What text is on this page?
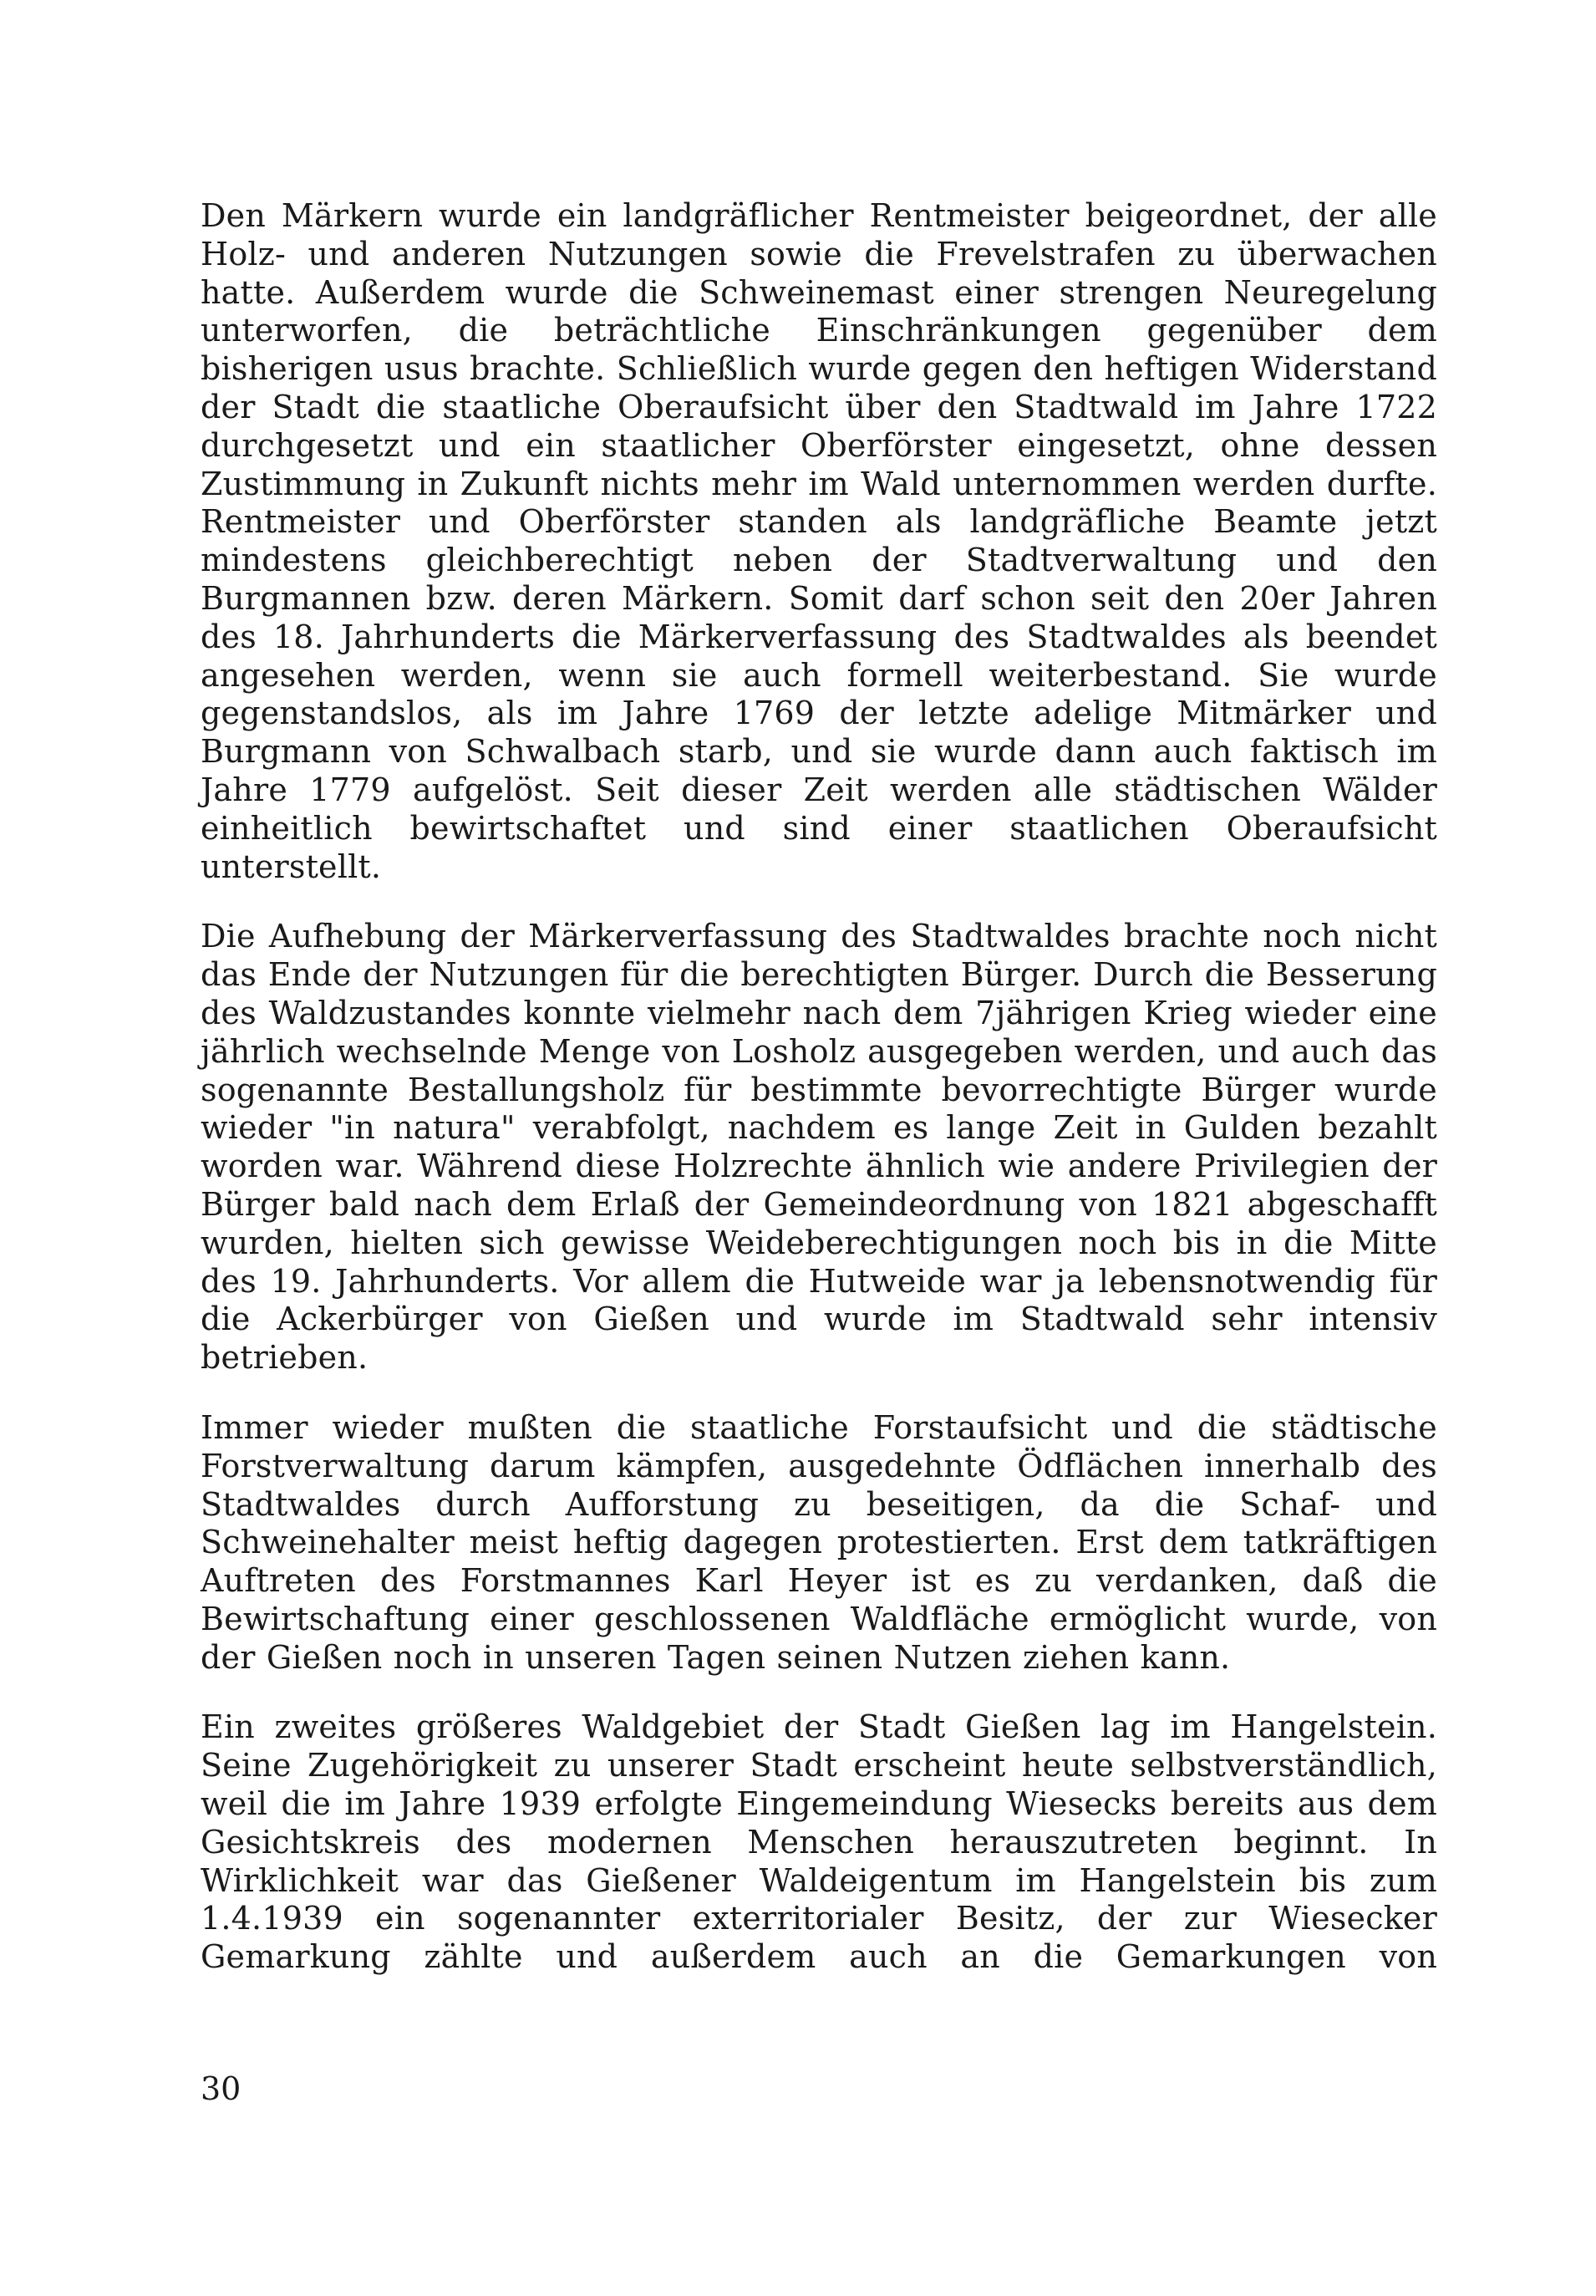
Den Märkern wurde ein landgräflicher Rentmeister beigeordnet, der alle Holz- und anderen Nutzungen sowie die Frevelstrafen zu überwachen hatte. Außerdem wurde die Schweinemast einer strengen Neuregelung unterworfen, die beträchtliche Einschränkungen gegenüber dem bisherigen usus brachte. Schließlich wurde gegen den heftigen Widerstand der Stadt die staatliche Oberaufsicht über den Stadtwald im Jahre 1722 durchgesetzt und ein staatlicher Oberförster eingesetzt, ohne dessen Zustimmung in Zukunft nichts mehr im Wald unternommen werden durfte. Rentmeister und Oberförster standen als landgräfliche Beamte jetzt mindestens gleichberechtigt neben der Stadtverwaltung und den Burgmannen bzw. deren Märkern. Somit darf schon seit den 20er Jahren des 18. Jahrhunderts die Märkerverfassung des Stadtwaldes als beendet angesehen werden, wenn sie auch formell weiterbestand. Sie wurde gegenstandslos, als im Jahre 1769 der letzte adelige Mitmärker und Burgmann von Schwalbach starb, und sie wurde dann auch faktisch im Jahre 1779 aufgelöst. Seit dieser Zeit werden alle städtischen Wälder einheitlich bewirtschaftet und sind einer staatlichen Oberaufsicht unterstellt.

Die Aufhebung der Märkerverfassung des Stadtwaldes brachte noch nicht das Ende der Nutzungen für die berechtigten Bürger. Durch die Besserung des Waldzustandes konnte vielmehr nach dem 7jährigen Krieg wieder eine jährlich wechselnde Menge von Losholz ausgegeben werden, und auch das sogenannte Bestallungsholz für bestimmte bevorrechtigte Bürger wurde wieder "in natura" verabfolgt, nachdem es lange Zeit in Gulden bezahlt worden war. Während diese Holzrechte ähnlich wie andere Privilegien der Bürger bald nach dem Erlaß der Gemeindeordnung von 1821 abgeschafft wurden, hielten sich gewisse Weideberechtigungen noch bis in die Mitte des 19. Jahrhunderts. Vor allem die Hutweide war ja lebensnotwendig für die Ackerbürger von Gießen und wurde im Stadtwald sehr intensiv betrieben.

Immer wieder mußten die staatliche Forstaufsicht und die städtische Forstverwaltung darum kämpfen, ausgedehnte Ödflächen innerhalb des Stadtwaldes durch Aufforstung zu beseitigen, da die Schaf- und Schweinehalter meist heftig dagegen protestierten. Erst dem tatkräftigen Auftreten des Forstmannes Karl Heyer ist es zu verdanken, daß die Bewirtschaftung einer geschlossenen Waldfläche ermöglicht wurde, von der Gießen noch in unseren Tagen seinen Nutzen ziehen kann.

Ein zweites größeres Waldgebiet der Stadt Gießen lag im Hangelstein. Seine Zugehörigkeit zu unserer Stadt erscheint heute selbstverständlich, weil die im Jahre 1939 erfolgte Eingemeindung Wiesecks bereits aus dem Gesichtskreis des modernen Menschen herauszutreten beginnt. In Wirklichkeit war das Gießener Waldeigentum im Hangelstein bis zum 1.4.1939 ein sogenannter exterritorialer Besitz, der zur Wiesecker Gemarkung zählte und außerdem auch an die Gemarkungen von

30
